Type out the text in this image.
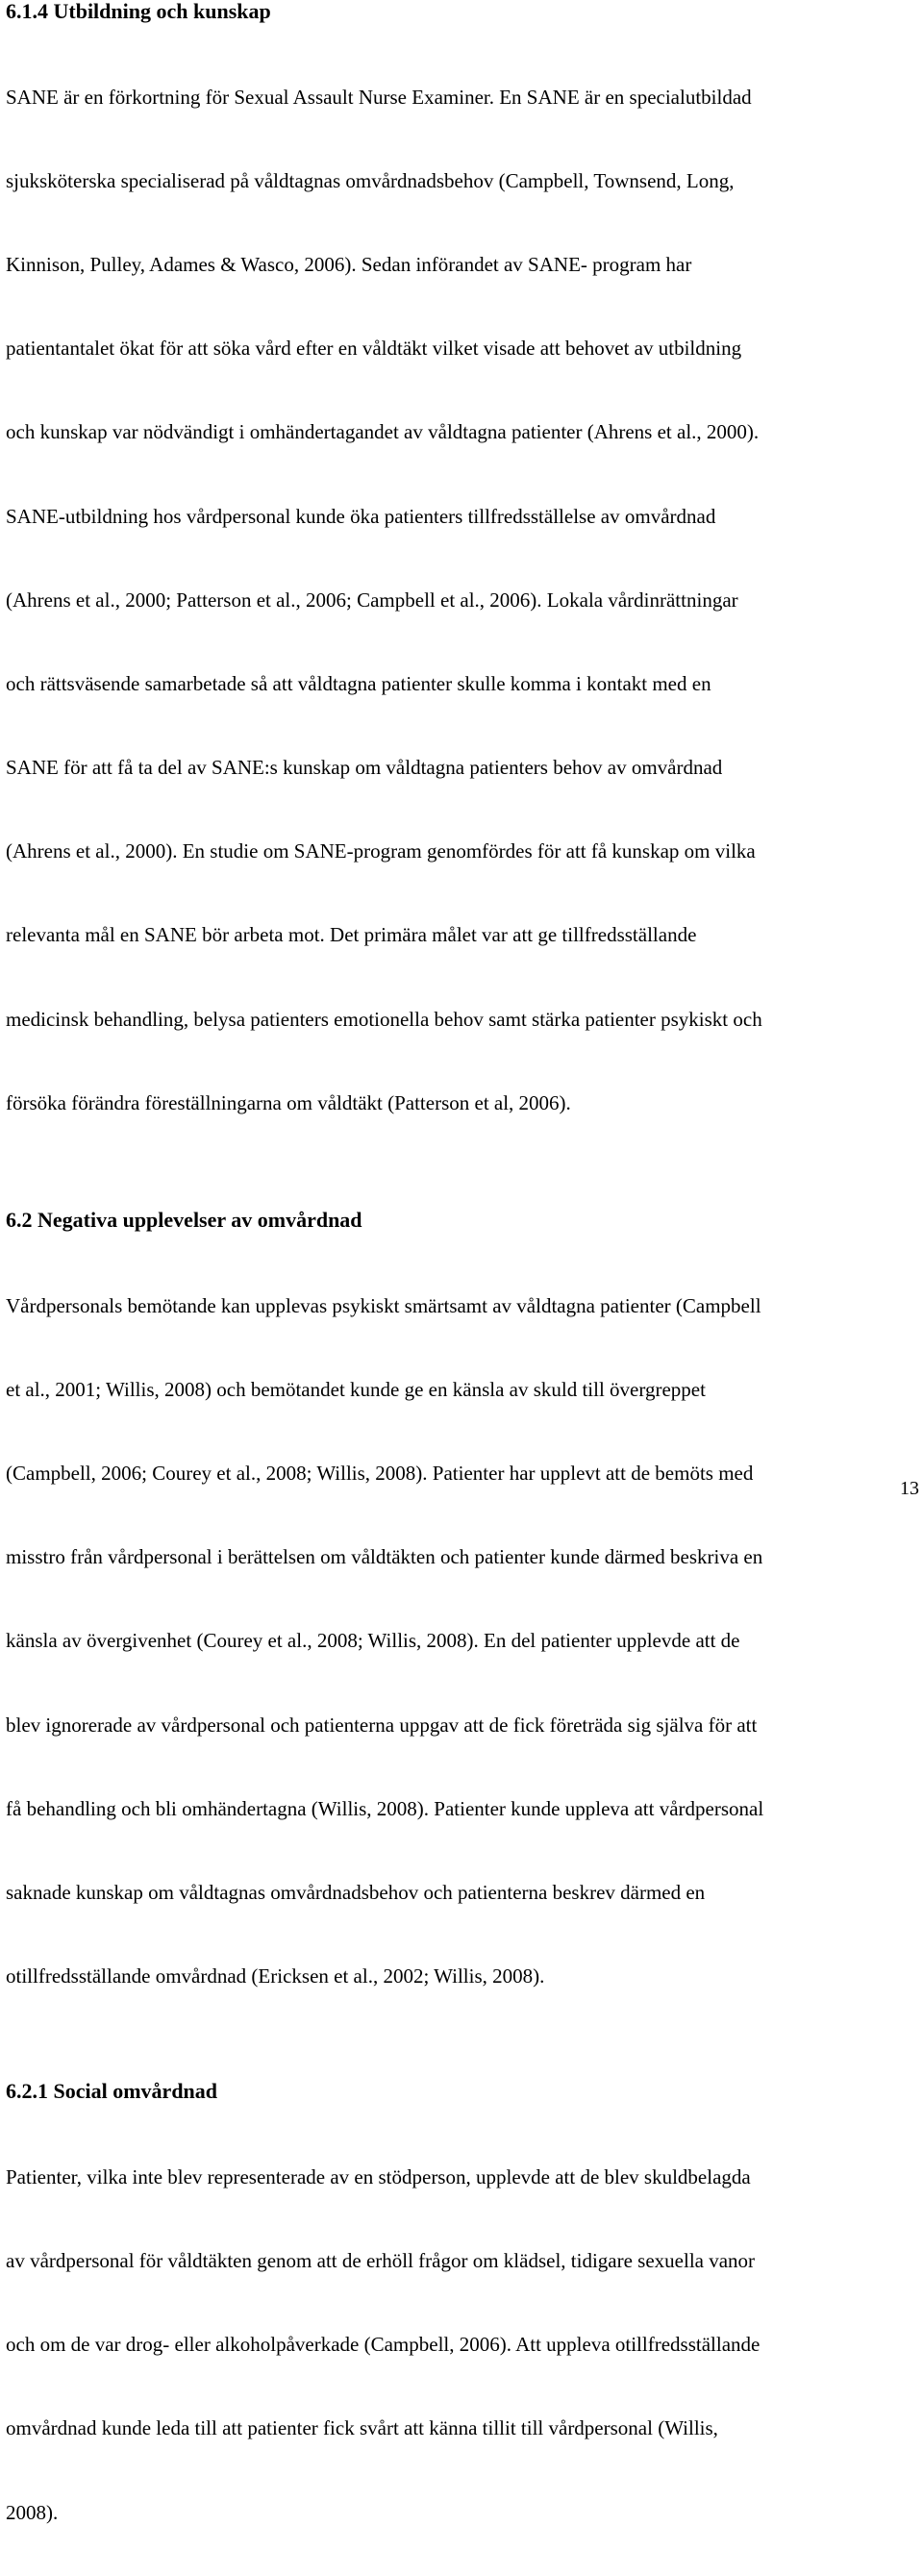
6.1.4 Utbildning och kunskap

SANE är en förkortning för Sexual Assault Nurse Examiner. En SANE är en specialutbildad

sjuksköterska specialiserad på våldtagnas omvårdnadsbehov (Campbell, Townsend, Long,

Kinnison, Pulley, Adames & Wasco, 2006). Sedan införandet av SANE- program har

patientantalet ökat för att söka vård efter en våldtäkt vilket visade att behovet av utbildning

och kunskap var nödvändigt i omhändertagandet av våldtagna patienter (Ahrens et al., 2000).

SANE-utbildning hos vårdpersonal kunde öka patienters tillfredsställelse av omvårdnad

(Ahrens et al., 2000; Patterson et al., 2006; Campbell et al., 2006). Lokala vårdinrättningar

och rättsväsende samarbetade så att våldtagna patienter skulle komma i kontakt med en

SANE för att få ta del av SANE:s kunskap om våldtagna patienters behov av omvårdnad

(Ahrens et al., 2000). En studie om SANE-program genomfördes för att få kunskap om vilka

relevanta mål en SANE bör arbeta mot. Det primära målet var att ge tillfredsställande

medicinsk behandling, belysa patienters emotionella behov samt stärka patienter psykiskt och

försöka förändra föreställningarna om våldtäkt (Patterson et al, 2006).

6.2 Negativa upplevelser av omvårdnad

Vårdpersonals bemötande kan upplevas psykiskt smärtsamt av våldtagna patienter (Campbell

et al., 2001; Willis, 2008) och bemötandet kunde ge en känsla av skuld till övergreppet

(Campbell, 2006; Courey et al., 2008; Willis, 2008). Patienter har upplevt att de bemöts med

misstro från vårdpersonal i berättelsen om våldtäkten och patienter kunde därmed beskriva en

känsla av övergivenhet (Courey et al., 2008; Willis, 2008). En del patienter upplevde att de

blev ignorerade av vårdpersonal och patienterna uppgav att de fick företräda sig själva för att

få behandling och bli omhändertagna (Willis, 2008). Patienter kunde uppleva att vårdpersonal

saknade kunskap om våldtagnas omvårdnadsbehov och patienterna beskrev därmed en

otillfredsställande omvårdnad (Ericksen et al., 2002; Willis, 2008).

6.2.1 Social omvårdnad

Patienter, vilka inte blev representerade av en stödperson, upplevde att de blev skuldbelagda

av vårdpersonal för våldtäkten genom att de erhöll frågor om klädsel, tidigare sexuella vanor

och om de var drog- eller alkoholpåverkade (Campbell, 2006). Att uppleva otillfredsställande

omvårdnad kunde leda till att patienter fick svårt att känna tillit till vårdpersonal (Willis,

2008).

13
